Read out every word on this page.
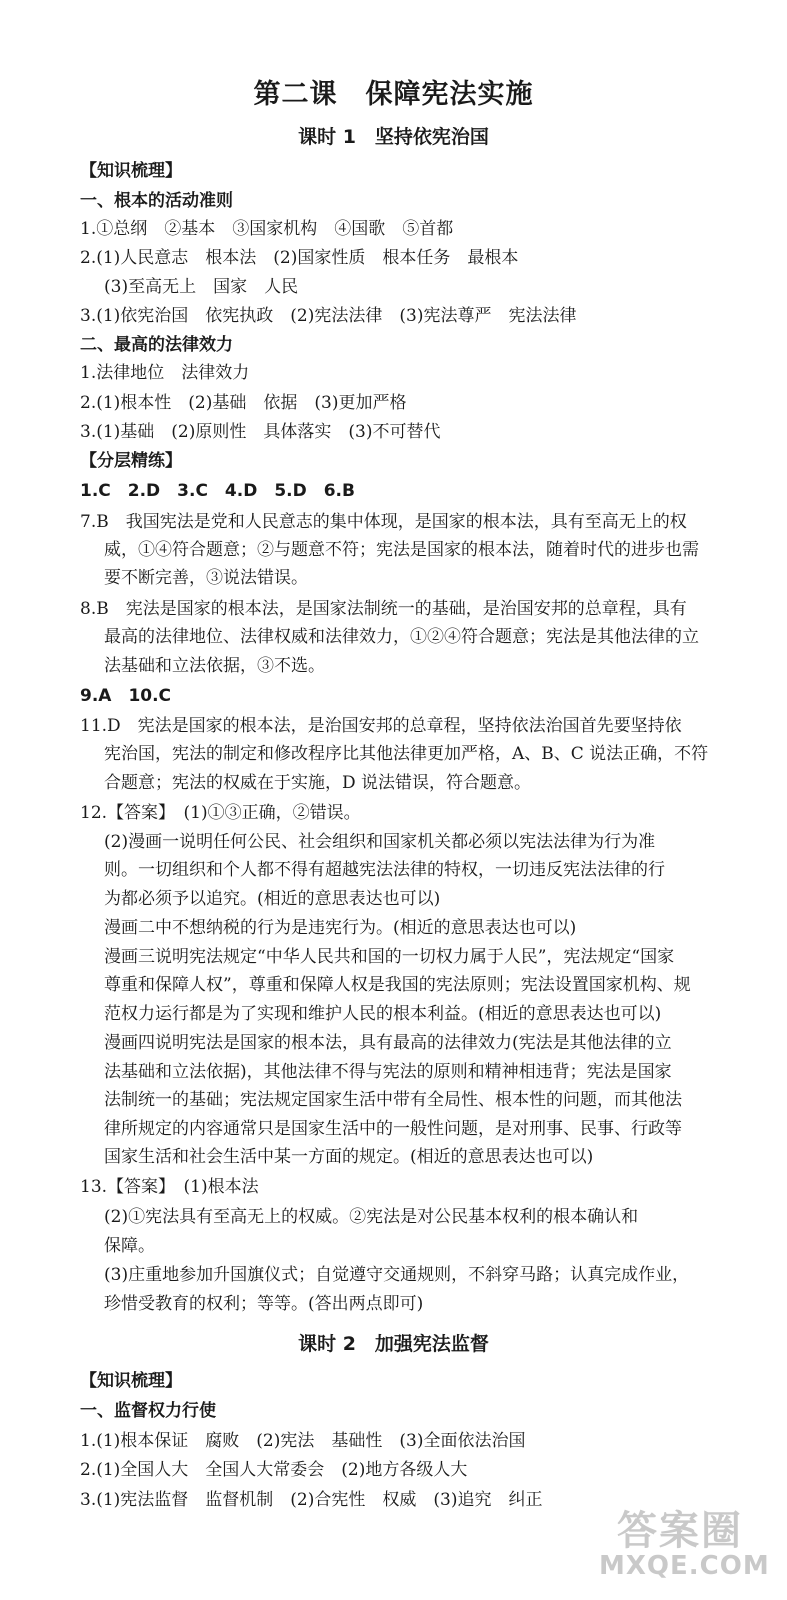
第二课　保障宪法实施
课时 1　坚持依宪治国
【知识梳理】
一、根本的活动准则
1.①总纲　②基本　③国家机构　④国歌　⑤首都
2.(1)人民意志　根本法　(2)国家性质　根本任务　最根本
(3)至高无上　国家　人民
3.(1)依宪治国　依宪执政　(2)宪法法律　(3)宪法尊严　宪法法律
二、最高的法律效力
1.法律地位　法律效力
2.(1)根本性　(2)基础　依据　(3)更加严格
3.(1)基础　(2)原则性　具体落实　(3)不可替代
【分层精练】
1.C　2.D　3.C　4.D　5.D　6.B
7.B　我国宪法是党和人民意志的集中体现，是国家的根本法，具有至高无上的权
威，①④符合题意；②与题意不符；宪法是国家的根本法，随着时代的进步也需
要不断完善，③说法错误。
8.B　宪法是国家的根本法，是国家法制统一的基础，是治国安邦的总章程，具有
最高的法律地位、法律权威和法律效力，①②④符合题意；宪法是其他法律的立
法基础和立法依据，③不选。
9.A　10.C
11.D　宪法是国家的根本法，是治国安邦的总章程，坚持依法治国首先要坚持依
宪治国，宪法的制定和修改程序比其他法律更加严格，A、B、C 说法正确，不符
合题意；宪法的权威在于实施，D 说法错误，符合题意。
12.【答案】　(1)①③正确，②错误。
(2)漫画一说明任何公民、社会组织和国家机关都必须以宪法法律为行为准
则。一切组织和个人都不得有超越宪法法律的特权，一切违反宪法法律的行
为都必须予以追究。(相近的意思表达也可以)
漫画二中不想纳税的行为是违宪行为。(相近的意思表达也可以)
漫画三说明宪法规定“中华人民共和国的一切权力属于人民”，宪法规定“国家
尊重和保障人权”，尊重和保障人权是我国的宪法原则；宪法设置国家机构、规
范权力运行都是为了实现和维护人民的根本利益。(相近的意思表达也可以)
漫画四说明宪法是国家的根本法，具有最高的法律效力(宪法是其他法律的立
法基础和立法依据)，其他法律不得与宪法的原则和精神相违背；宪法是国家
法制统一的基础；宪法规定国家生活中带有全局性、根本性的问题，而其他法
律所规定的内容通常只是国家生活中的一般性问题，是对刑事、民事、行政等
国家生活和社会生活中某一方面的规定。(相近的意思表达也可以)
13.【答案】　(1)根本法
(2)①宪法具有至高无上的权威。②宪法是对公民基本权利的根本确认和
保障。
(3)庄重地参加升国旗仪式；自觉遵守交通规则，不斜穿马路；认真完成作业，
珍惜受教育的权利；等等。(答出两点即可)
课时 2　加强宪法监督
【知识梳理】
一、监督权力行使
1.(1)根本保证　腐败　(2)宪法　基础性　(3)全面依法治国
2.(1)全国人大　全国人大常委会　(2)地方各级人大
3.(1)宪法监督　监督机制　(2)合宪性　权威　(3)追究　纠正
答案圈
MXQE.COM
